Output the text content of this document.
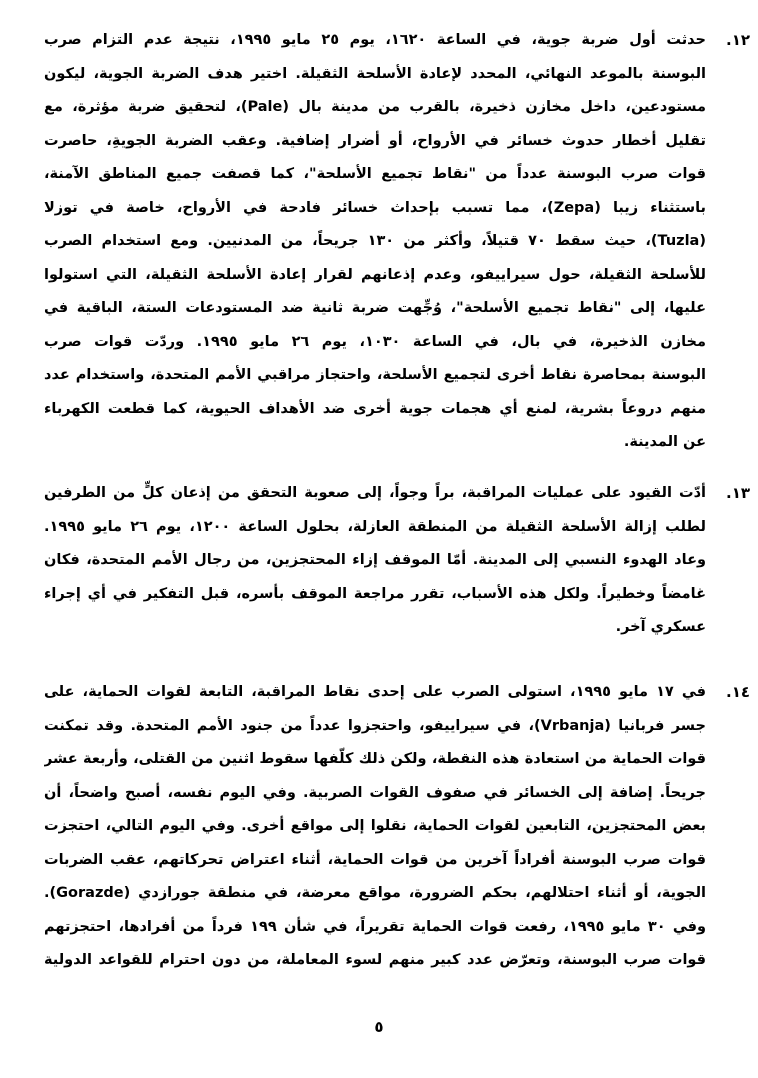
١٢.
حدثت أول ضربة جوية، في الساعة ١٦٢٠، يوم ٢٥ مايو ١٩٩٥، نتيجة عدم التزام صرب
البوسنة بالموعد النهائي، المحدد لإعادة الأسلحة الثقيلة. اختير هدف الضربة الجوية، ليكون
مستودعين، داخل مخازن ذخيرة، بالقرب من مدينة بال (Pale)، لتحقيق ضربة مؤثرة، مع
تقليل أخطار حدوث خسائر في الأرواح، أو أضرار إضافية. وعقب الضربة الجويةِ، حاصرت
قوات صرب البوسنة عدداً من "نقاط تجميع الأسلحة"، كما قصفت جميع المناطق الآمنة،
باستثناء زيبا (Zepa)، مما تسبب بإحداث خسائر فادحة في الأرواح، خاصة في توزلا
(Tuzla)، حيث سقط ٧٠ قتيلاً، وأكثر من ١٣٠ جريحاً، من المدنيين. ومع استخدام الصرب
للأسلحة الثقيلة، حول سيراييفو، وعدم إذعانهم لقرار إعادة الأسلحة الثقيلة، التي استولوا
عليها، إلى "نقاط تجميع الأسلحة"، وُجِّهت ضربة ثانية ضد المستودعات الستة، الباقية في
مخازن الذخيرة، في بال، في الساعة ١٠٣٠، يوم ٢٦ مايو ١٩٩٥. وردّت قوات صرب
البوسنة بمحاصرة نقاط أخرى لتجميع الأسلحة، واحتجاز مراقبي الأمم المتحدة، واستخدام عدد
منهم دروعاً بشرية، لمنع أي هجمات جوية أخرى ضد الأهداف الحيوية، كما قطعت الكهرباء
عن المدينة.
١٣.
أدّت القيود على عمليات المراقبة، براً وجواً، إلى صعوبة التحقق من إذعان كلٍّ من الطرفين
لطلب إزالة الأسلحة الثقيلة من المنطقة العازلة، بحلول الساعة ١٢٠٠، يوم ٢٦ مايو ١٩٩٥.
وعاد الهدوء النسبي إلى المدينة. أمّا الموقف إزاء المحتجزين، من رجال الأمم المتحدة، فكان
غامضاً وخطيراً. ولكل هذه الأسباب، تقرر مراجعة الموقف بأسره، قبل التفكير في أي إجراء
عسكري آخر.
١٤.
في ١٧ مايو ١٩٩٥، استولى الصرب على إحدى نقاط المراقبة، التابعة لقوات الحماية، على
جسر فربانيا (Vrbanja)، في سيراييفو، واحتجزوا عدداً من جنود الأمم المتحدة. وقد تمكنت
قوات الحماية من استعادة هذه النقطة، ولكن ذلك كلّفها سقوط اثنين من القتلى، وأربعة عشر
جريحاً. إضافة إلى الخسائر في صفوف القوات الصربية. وفي اليوم نفسه، أصبح واضحاً، أن
بعض المحتجزين، التابعين لقوات الحماية، نقلوا إلى مواقع أخرى. وفي اليوم التالي، احتجزت
قوات صرب البوسنة أفراداً آخرين من قوات الحماية، أثناء اعتراض تحركاتهم، عقب الضربات
الجوية، أو أثناء احتلالهم، بحكم الضرورة، مواقع معرضة، في منطقة جورازدي (Gorazde).
وفي ٣٠ مايو ١٩٩٥، رفعت قوات الحماية تقريراً، في شأن ١٩٩ فرداً من أفرادها، احتجزتهم
قوات صرب البوسنة، وتعرّض عدد كبير منهم لسوء المعاملة، من دون احترام للقواعد الدولية
٥
